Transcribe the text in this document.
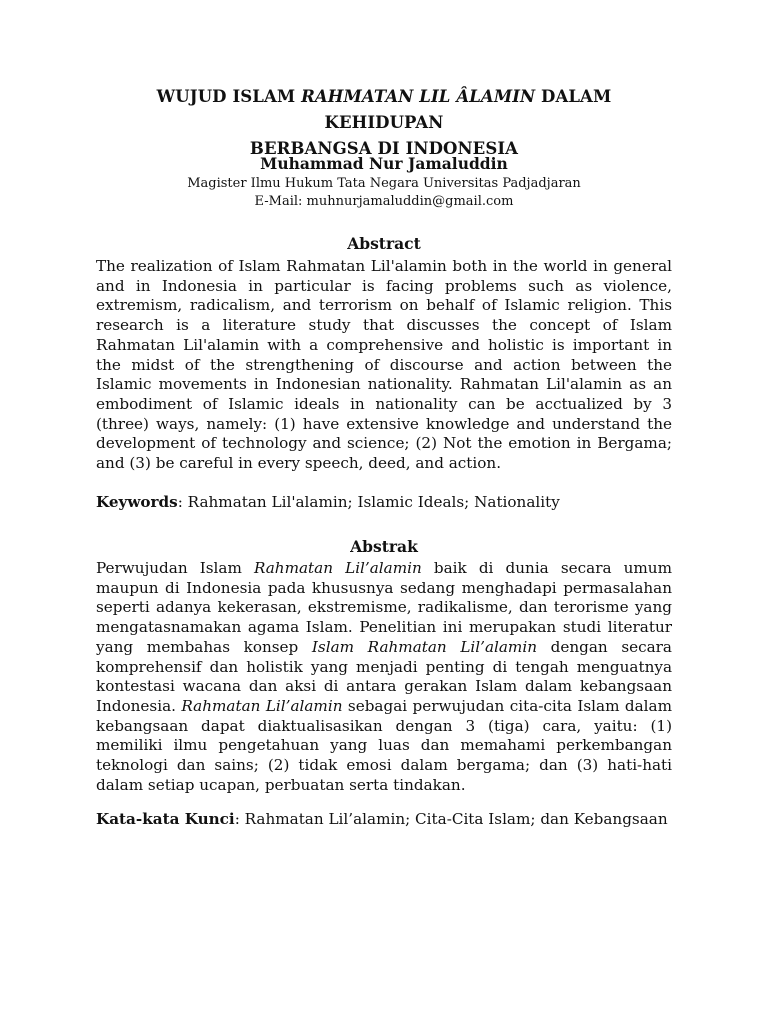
WUJUD ISLAM RAHMATAN LIL ÂLAMIN DALAM KEHIDUPAN
BERBANGSA DI INDONESIA
Muhammad Nur Jamaluddin
Magister Ilmu Hukum Tata Negara Universitas Padjadjaran
E-Mail: muhnurjamaluddin@gmail.com
Abstract
The realization of Islam Rahmatan Lil'alamin both in the world in general
and in Indonesia in particular is facing problems such as violence,
extremism, radicalism, and terrorism on behalf of Islamic religion. This
research is a literature study that discusses the concept of Islam
Rahmatan Lil'alamin with a comprehensive and holistic is important in
the midst of the strengthening of discourse and action between the
Islamic movements in Indonesian nationality. Rahmatan Lil'alamin as an
embodiment of Islamic ideals in nationality can be acctualized by 3
(three) ways, namely: (1) have extensive knowledge and understand the
development of technology and science; (2) Not the emotion in Bergama;
and (3) be careful in every speech, deed, and action.
Keywords: Rahmatan Lil'alamin; Islamic Ideals; Nationality
Abstrak
Perwujudan Islam Rahmatan Lil’alamin baik di dunia secara umum
maupun di Indonesia pada khususnya sedang menghadapi permasalahan
seperti adanya kekerasan, ekstremisme, radikalisme, dan terorisme yang
mengatasnamakan agama Islam. Penelitian ini merupakan studi literatur
yang membahas konsep Islam Rahmatan Lil’alamin dengan secara
komprehensif dan holistik yang menjadi penting di tengah menguatnya
kontestasi wacana dan aksi di antara gerakan Islam dalam kebangsaan
Indonesia. Rahmatan Lil’alamin sebagai perwujudan cita-cita Islam dalam
kebangsaan dapat diaktualisasikan dengan 3 (tiga) cara, yaitu: (1)
memiliki ilmu pengetahuan yang luas dan memahami perkembangan
teknologi dan sains; (2) tidak emosi dalam bergama; dan (3) hati-hati
dalam setiap ucapan, perbuatan serta tindakan.
Kata-kata Kunci: Rahmatan Lil’alamin; Cita-Cita Islam; dan Kebangsaan
